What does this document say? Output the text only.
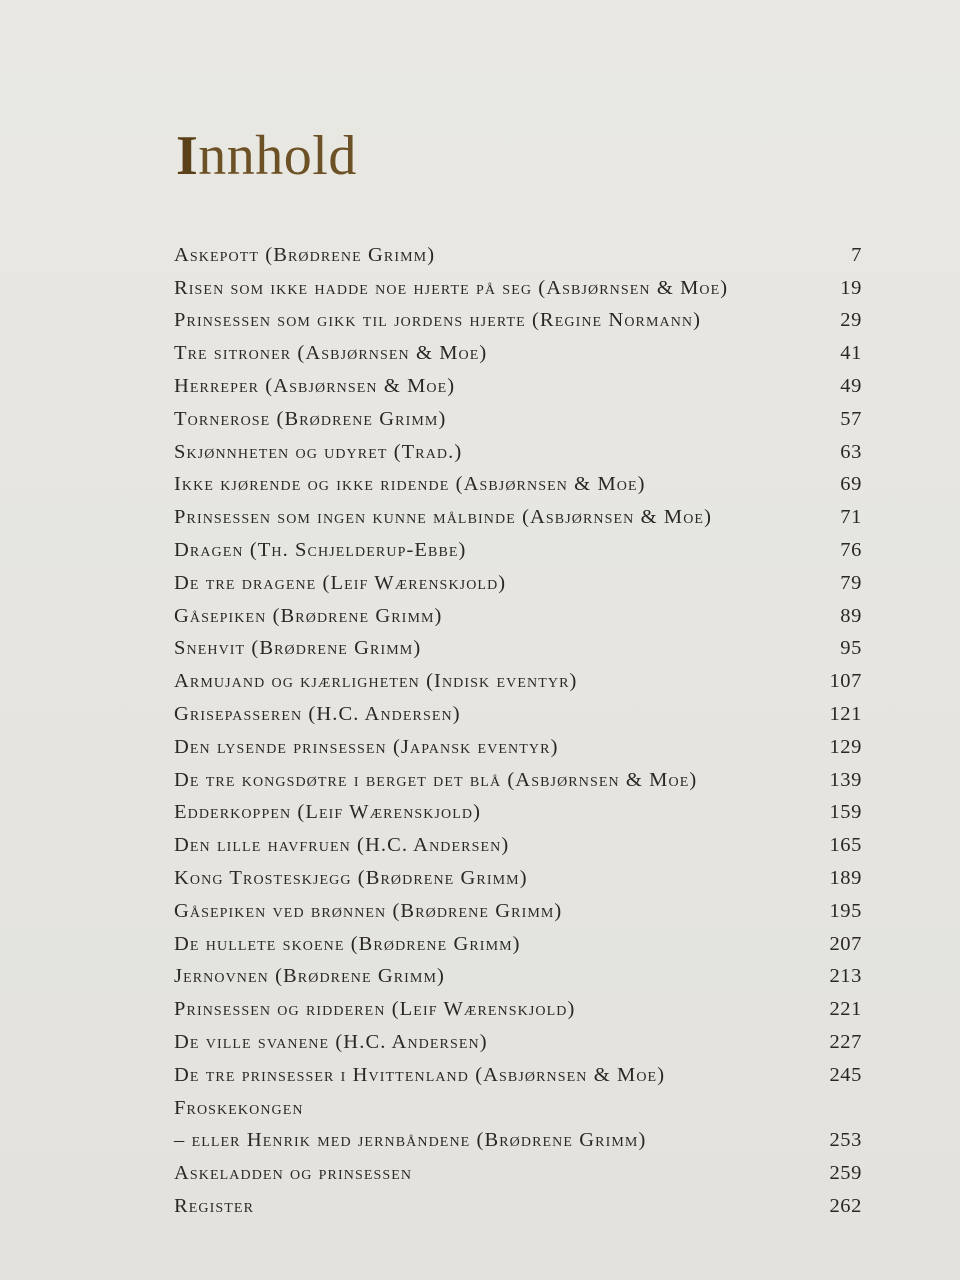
Innhold
Askepott (Brødrene Grimm)	7
Risen som ikke hadde noe hjerte på seg (Asbjørnsen & Moe)	19
Prinsessen som gikk til jordens hjerte (Regine Normann)	29
Tre sitroner (Asbjørnsen & Moe)	41
Herreper (Asbjørnsen & Moe)	49
Tornerose (Brødrene Grimm)	57
Skjønnheten og udyret (Trad.)	63
Ikke kjørende og ikke ridende (Asbjørnsen & Moe)	69
Prinsessen som ingen kunne målbinde (Asbjørnsen & Moe)	71
Dragen (Th. Schjelderup-Ebbe)	76
De tre dragene (Leif Wærenskjold)	79
Gåsepiken (Brødrene Grimm)	89
Snehvit (Brødrene Grimm)	95
Armujand og kjærligheten (Indisk eventyr)	107
Grisepasseren (H.C. Andersen)	121
Den lysende prinsessen (Japansk eventyr)	129
De tre kongsdøtre i berget det blå (Asbjørnsen & Moe)	139
Edderkoppen (Leif Wærenskjold)	159
Den lille havfruen (H.C. Andersen)	165
Kong Trosteskjegg (Brødrene Grimm)	189
Gåsepiken ved brønnen (Brødrene Grimm)	195
De hullete skoene (Brødrene Grimm)	207
Jernovnen (Brødrene Grimm)	213
Prinsessen og ridderen (Leif Wærenskjold)	221
De ville svanene (H.C. Andersen)	227
De tre prinsesser i Hvittenland (Asbjørnsen & Moe)	245
Froskekongen
– eller Henrik med jernbåndene (Brødrene Grimm)	253
Askeladden og prinsessen	259
Register	262
